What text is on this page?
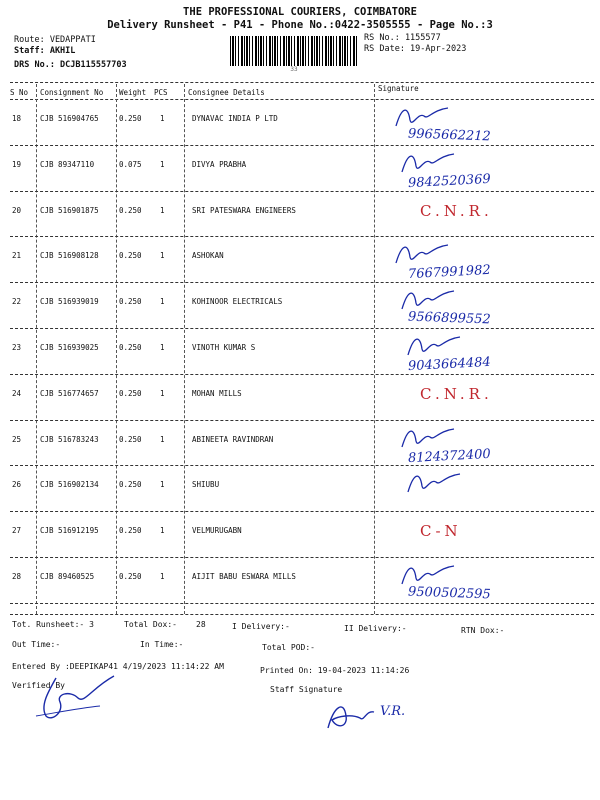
THE PROFESSIONAL COURIERS, COIMBATORE
Delivery Runsheet - P41 - Phone No.:0422-3505555 - Page No.:3
Route: VEDAPPATI
Staff: AKHIL
DRS No.: DCJB115557703	33
RS No.: 1155577
RS Date: 19-Apr-2023
S No Consignment No Weight PCS	Consignee Details	Signature
18	CJB 516904765	0.250 1	DYNAVAC INDIA P LTD
9965662212
19	CJB 89347110	0.075 1	DIVYA PRABHA
9842520369
20	CJB 516901875	0.250 1	SRI PATESWARA ENGINEERS	C.N.R.
21	CJB 516908128	0.250 1	ASHOKAN
7667991982
22	CJB 516939019	0.250 1	KOHINOOR ELECTRICALS
9566899552
23	CJB 516939025	0.250 1	VINOTH KUMAR S
9043664484
24	CJB 516774657	0.250 1	MOHAN MILLS	C.N.R.
25	CJB 516783243	0.250 1	ABINEETA RAVINDRAN
8124372400
26	CJB 516902134	0.250 1	SHIUBU
27	CJB 516912195	0.250 1	VELMURUGABN	C-N
28	CJB 89460525	0.250 1	AIJIT BABU ESWARA MILLS
9500502595
Tot. Runsheet:- 3	Total Dox:- 28	I Delivery:-	II Delivery:-	RTN Dox:-
Out Time:-	In Time:-	Total POD:-
Entered By :DEEPIKAP41 4/19/2023 11:14:22 AM	Printed On: 19-04-2023 11:14:26
Verified By	Staff Signature
V.R.
